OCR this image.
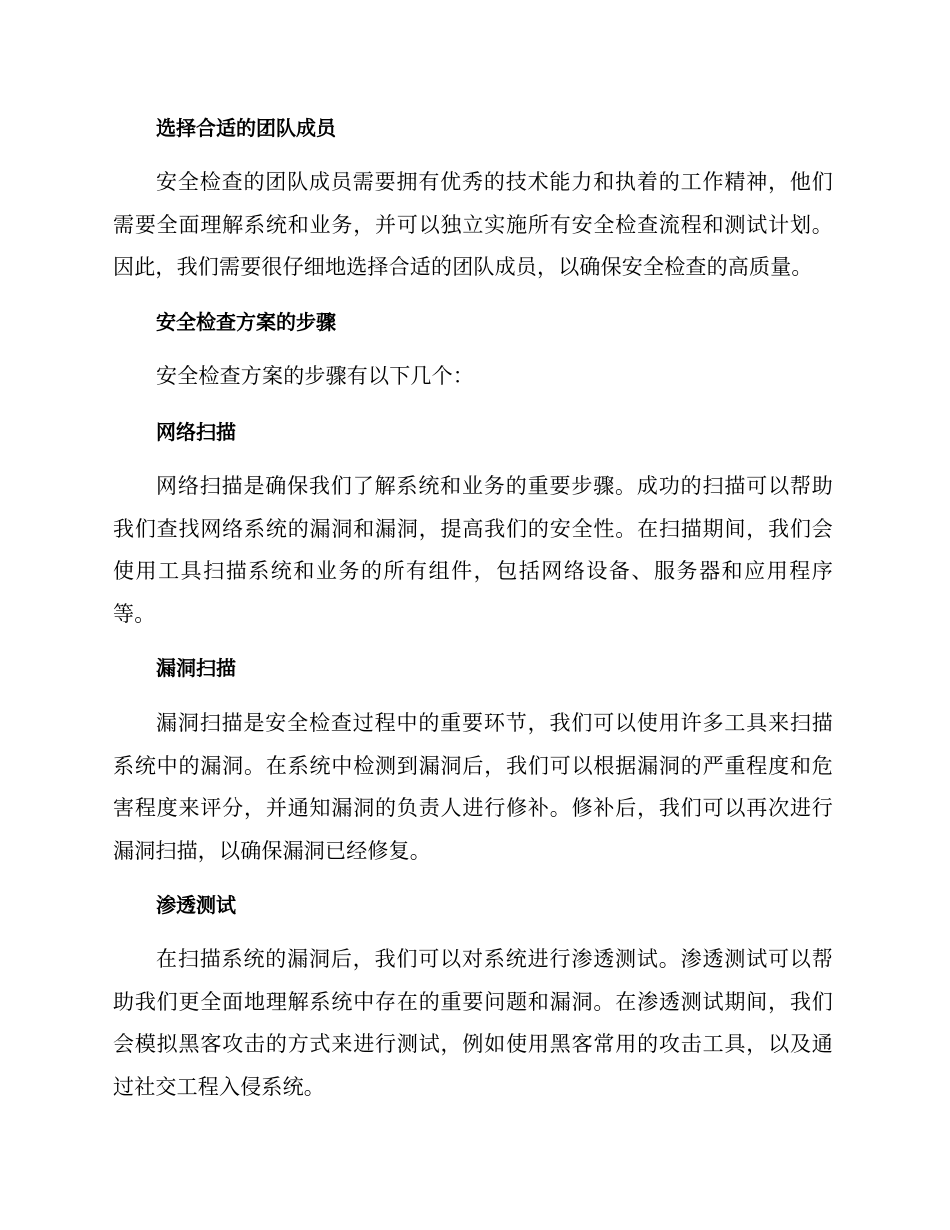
选择合适的团队成员

安全检查的团队成员需要拥有优秀的技术能力和执着的工作精神，他们需要全面理解系统和业务，并可以独立实施所有安全检查流程和测试计划。因此，我们需要很仔细地选择合适的团队成员，以确保安全检查的高质量。

安全检查方案的步骤

安全检查方案的步骤有以下几个：

网络扫描

网络扫描是确保我们了解系统和业务的重要步骤。成功的扫描可以帮助我们查找网络系统的漏洞和漏洞，提高我们的安全性。在扫描期间，我们会使用工具扫描系统和业务的所有组件，包括网络设备、服务器和应用程序等。

漏洞扫描

漏洞扫描是安全检查过程中的重要环节，我们可以使用许多工具来扫描系统中的漏洞。在系统中检测到漏洞后，我们可以根据漏洞的严重程度和危害程度来评分，并通知漏洞的负责人进行修补。修补后，我们可以再次进行漏洞扫描，以确保漏洞已经修复。

渗透测试

在扫描系统的漏洞后，我们可以对系统进行渗透测试。渗透测试可以帮助我们更全面地理解系统中存在的重要问题和漏洞。在渗透测试期间，我们会模拟黑客攻击的方式来进行测试，例如使用黑客常用的攻击工具，以及通过社交工程入侵系统。
